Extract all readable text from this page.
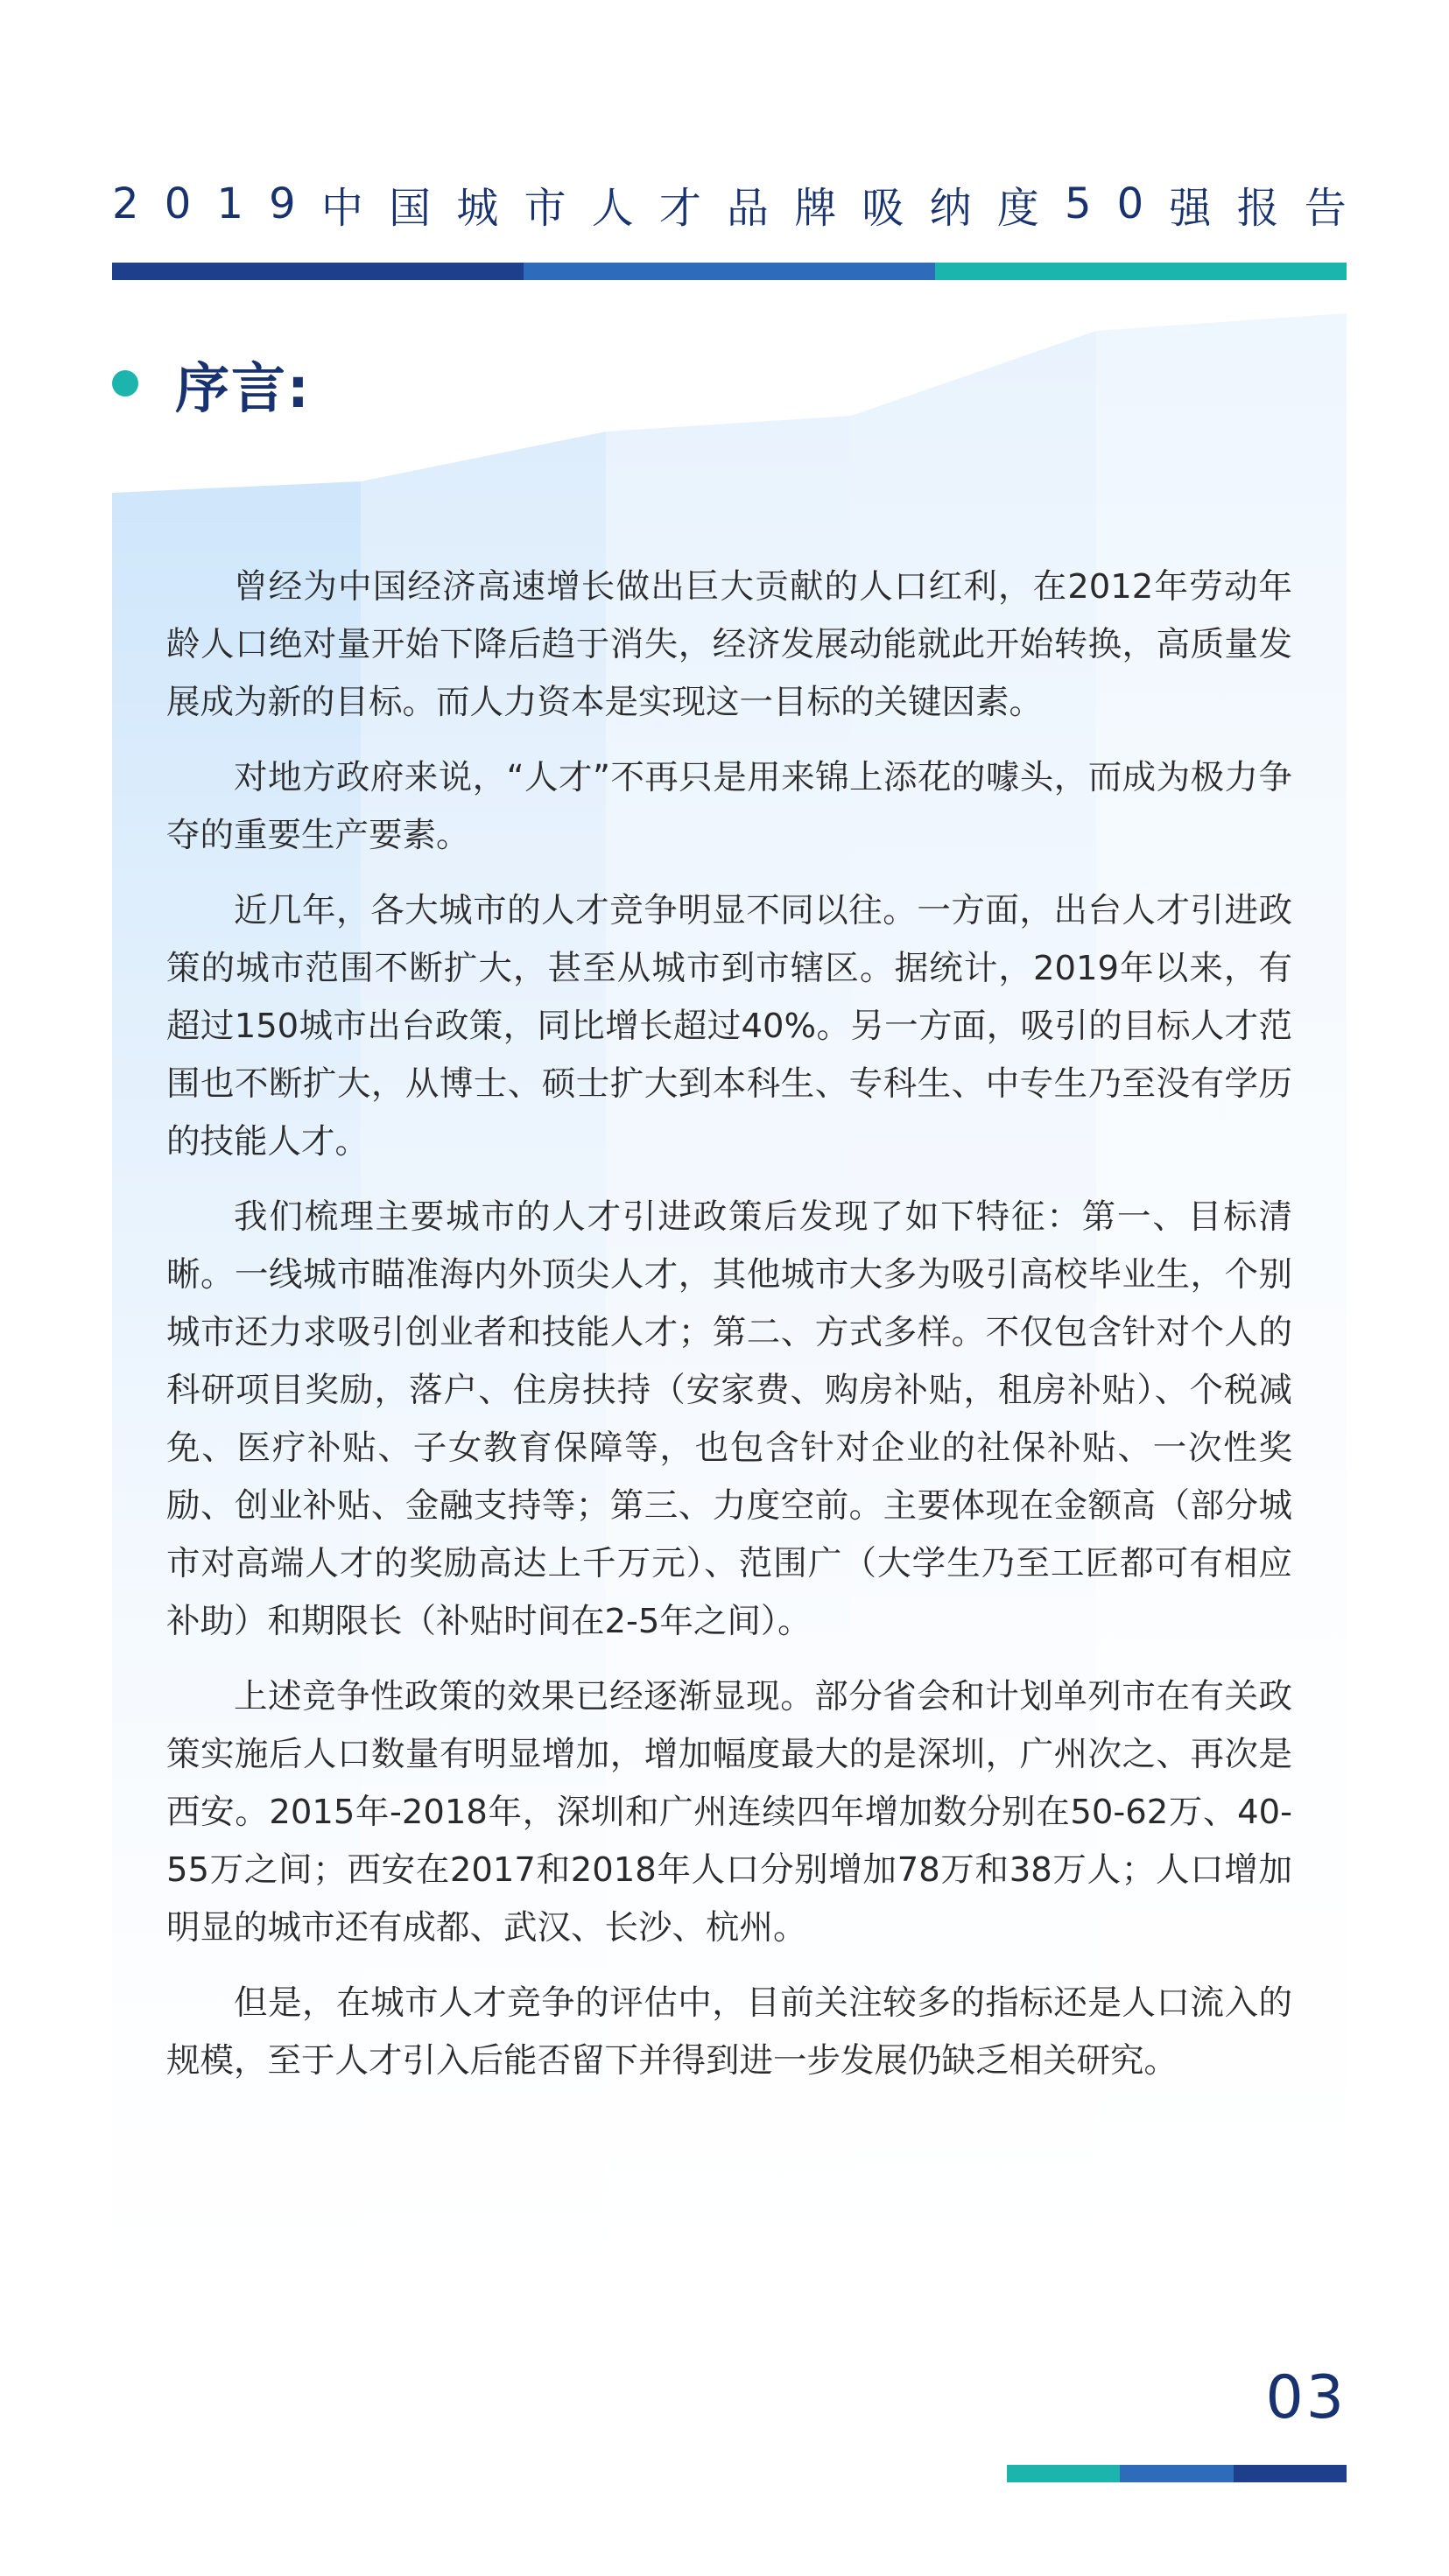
2 0 1 9 中 国 城 市 人 才 品 牌 吸 纳 度 5 0 强 报 告
序言:

曾经为中国经济高速增长做出巨大贡献的人口红利，在2012年劳动年龄人口绝对量开始下降后趋于消失，经济发展动能就此开始转换，高质量发展成为新的目标。而人力资本是实现这一目标的关键因素。

对地方政府来说，“人才”不再只是用来锦上添花的噱头，而成为极力争夺的重要生产要素。

近几年，各大城市的人才竞争明显不同以往。一方面，出台人才引进政策的城市范围不断扩大，甚至从城市到市辖区。据统计，2019年以来，有超过150城市出台政策，同比增长超过40%。另一方面，吸引的目标人才范围也不断扩大，从博士、硕士扩大到本科生、专科生、中专生乃至没有学历的技能人才。

我们梳理主要城市的人才引进政策后发现了如下特征：第一、目标清晰。一线城市瞄准海内外顶尖人才，其他城市大多为吸引高校毕业生，个别城市还力求吸引创业者和技能人才；第二、方式多样。不仅包含针对个人的科研项目奖励，落户、住房扶持（安家费、购房补贴，租房补贴）、个税减免、医疗补贴、子女教育保障等，也包含针对企业的社保补贴、一次性奖励、创业补贴、金融支持等；第三、力度空前。主要体现在金额高（部分城市对高端人才的奖励高达上千万元）、范围广（大学生乃至工匠都可有相应补助）和期限长（补贴时间在2-5年之间）。

上述竞争性政策的效果已经逐渐显现。部分省会和计划单列市在有关政策实施后人口数量有明显增加，增加幅度最大的是深圳，广州次之、再次是西安。2015年-2018年，深圳和广州连续四年增加数分别在50-62万、40-55万之间；西安在2017和2018年人口分别增加78万和38万人；人口增加明显的城市还有成都、武汉、长沙、杭州。

但是，在城市人才竞争的评估中，目前关注较多的指标还是人口流入的规模，至于人才引入后能否留下并得到进一步发展仍缺乏相关研究。

03
